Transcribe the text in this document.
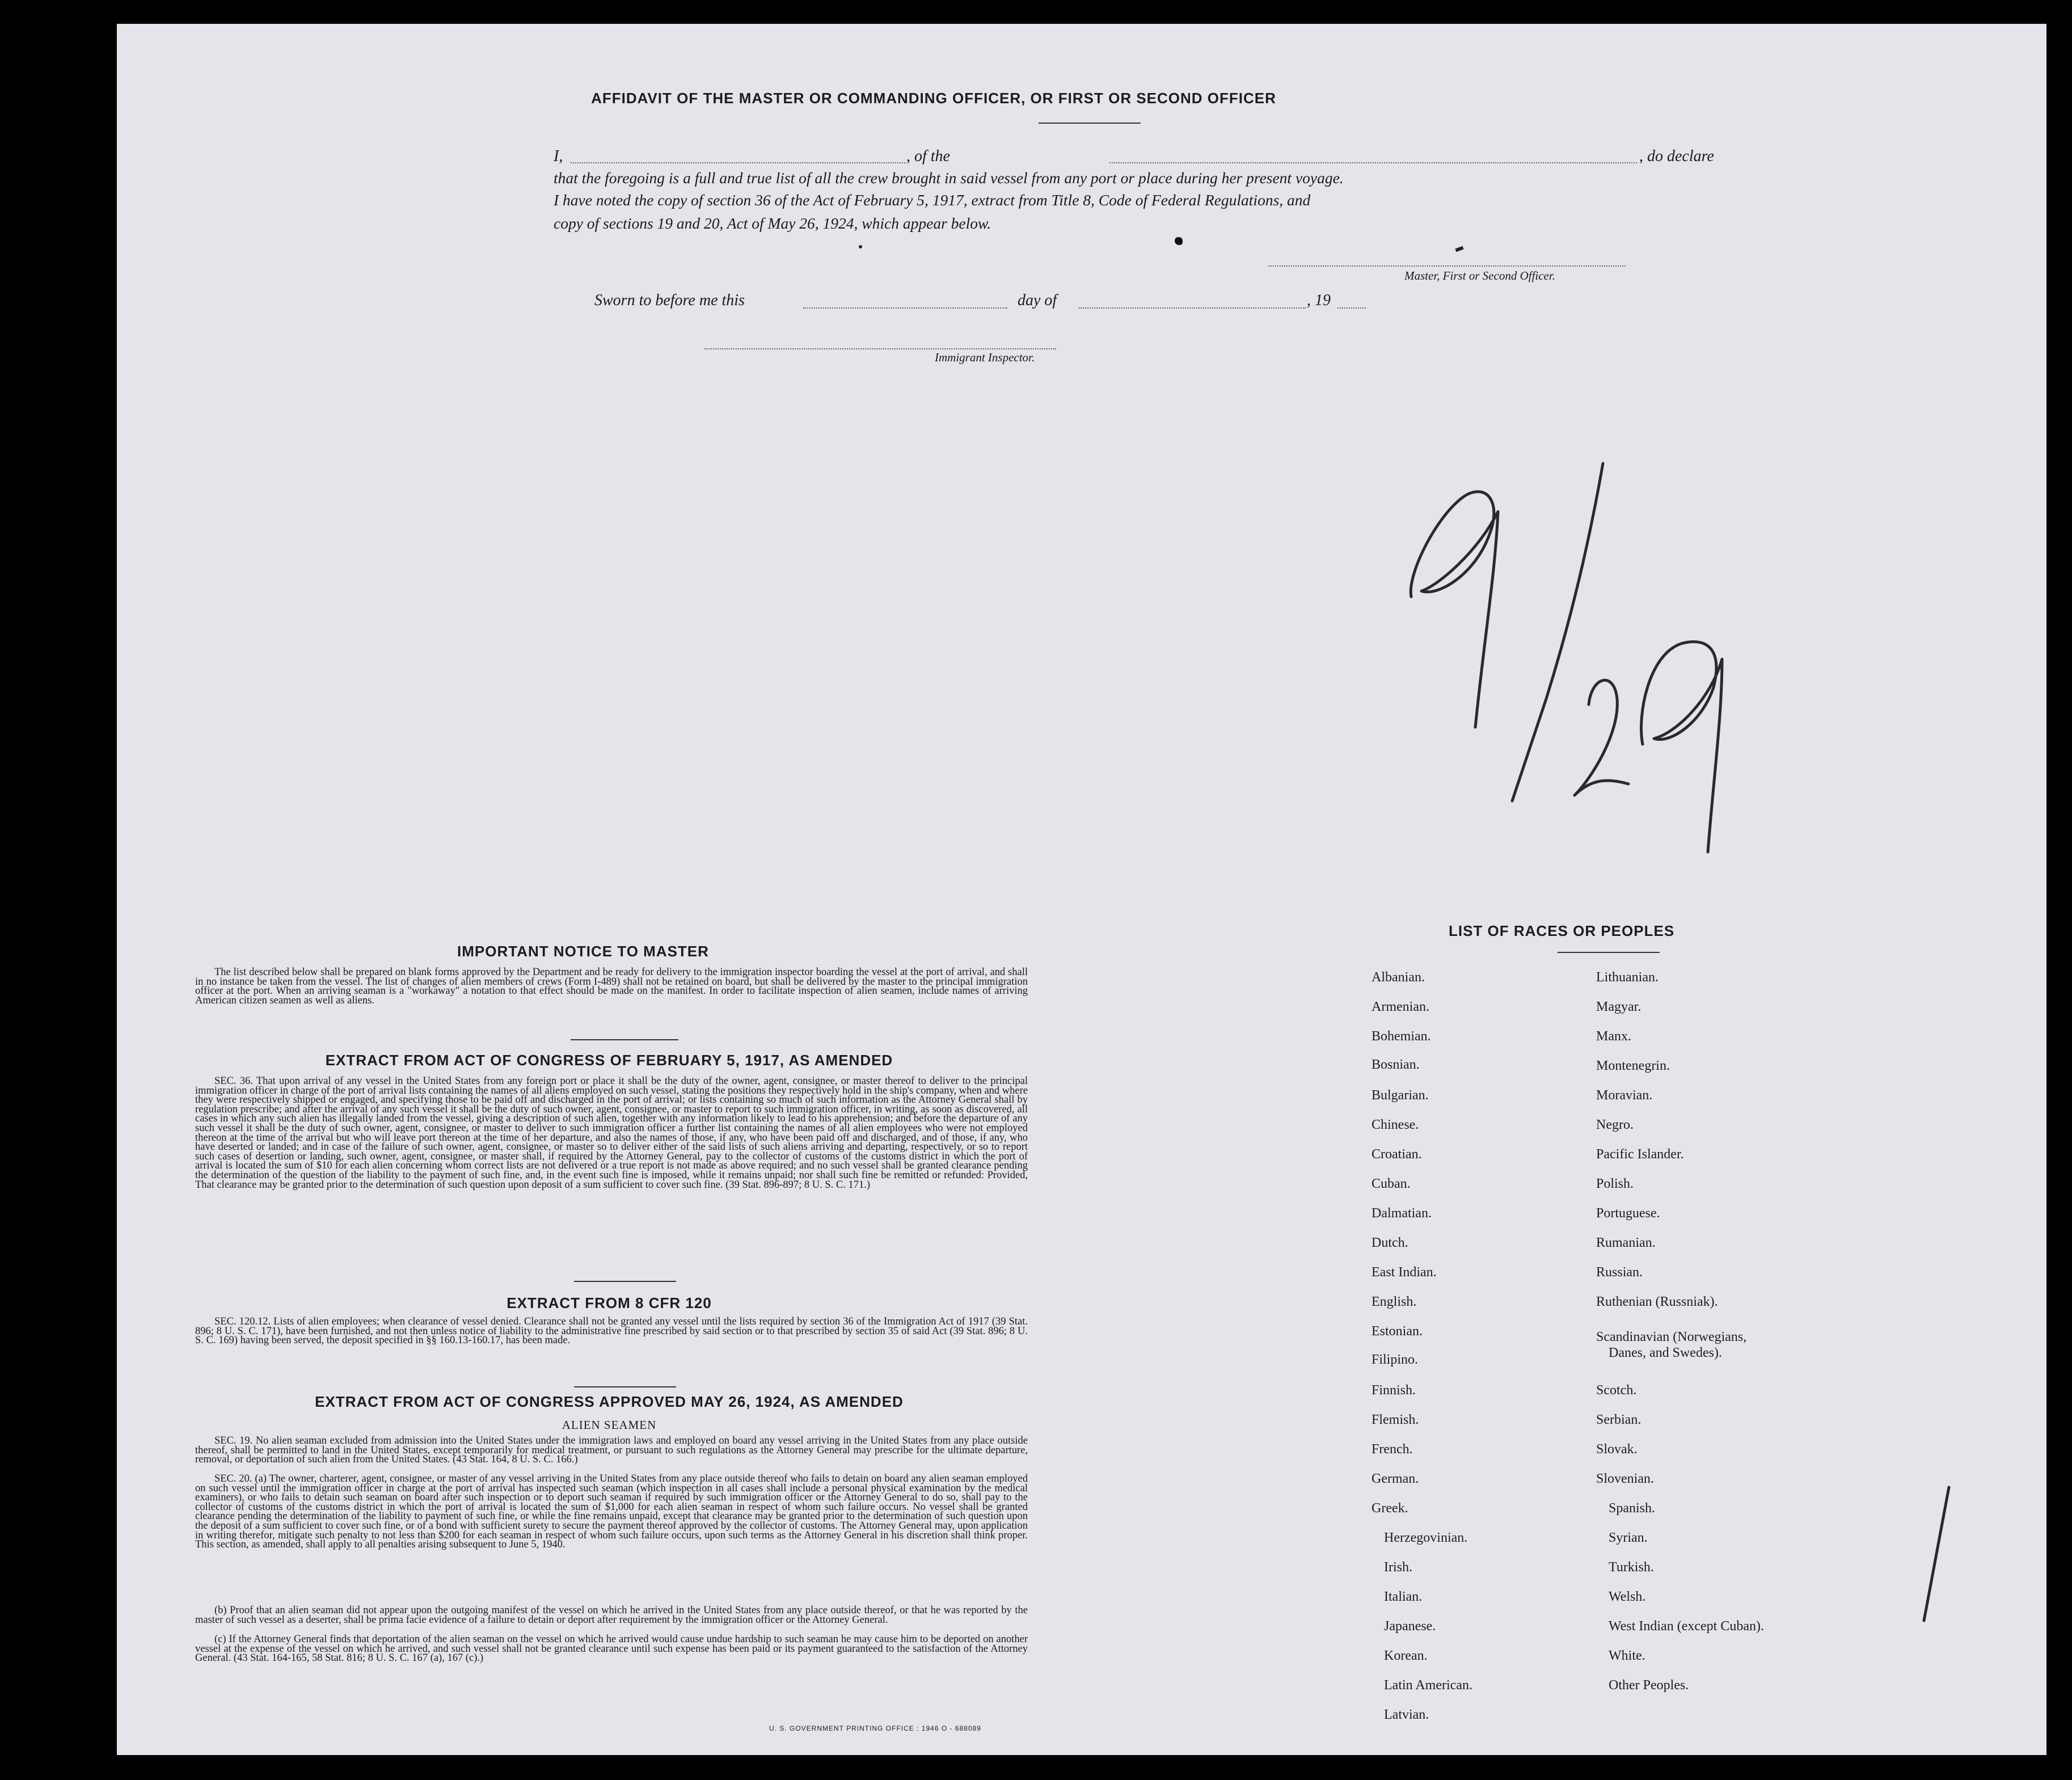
AFFIDAVIT OF THE MASTER OR COMMANDING OFFICER, OR FIRST OR SECOND OFFICER
I,	, of the	, do declare
that the foregoing is a full and true list of all the crew brought in said vessel from any port or place during her present voyage.
I have noted the copy of section 36 of the Act of February 5, 1917, extract from Title 8, Code of Federal Regulations, and
copy of sections 19 and 20, Act of May 26, 1924, which appear below.
Master, First or Second Officer.
Sworn to before me this	day of	, 19
Immigrant Inspector.
IMPORTANT NOTICE TO MASTER
The list described below shall be prepared on blank forms approved by the Department and be ready for delivery to the immigration inspector boarding the vessel at the port of arrival, and shall in no instance be taken from the vessel. The list of changes of alien members of crews (Form I-489) shall not be retained on board, but shall be delivered by the master to the principal immigration officer at the port. When an arriving seaman is a "workaway" a notation to that effect should be made on the manifest. In order to facilitate inspection of alien seamen, include names of arriving American citizen seamen as well as aliens.
EXTRACT FROM ACT OF CONGRESS OF FEBRUARY 5, 1917, AS AMENDED
SEC. 36. That upon arrival of any vessel in the United States from any foreign port or place it shall be the duty of the owner, agent, consignee, or master thereof to deliver to the principal immigration officer in charge of the port of arrival lists containing the names of all aliens employed on such vessel, stating the positions they respectively hold in the ship's company, when and where they were respectively shipped or engaged, and specifying those to be paid off and discharged in the port of arrival; or lists containing so much of such information as the Attorney General shall by regulation prescribe; and after the arrival of any such vessel it shall be the duty of such owner, agent, consignee, or master to report to such immigration officer, in writing, as soon as discovered, all cases in which any such alien has illegally landed from the vessel, giving a description of such alien, together with any information likely to lead to his apprehension; and before the departure of any such vessel it shall be the duty of such owner, agent, consignee, or master to deliver to such immigration officer a further list containing the names of all alien employees who were not employed thereon at the time of the arrival but who will leave port thereon at the time of her departure, and also the names of those, if any, who have been paid off and discharged, and of those, if any, who have deserted or landed; and in case of the failure of such owner, agent, consignee, or master so to deliver either of the said lists of such aliens arriving and departing, respectively, or so to report such cases of desertion or landing, such owner, agent, consignee, or master shall, if required by the Attorney General, pay to the collector of customs of the customs district in which the port of arrival is located the sum of $10 for each alien concerning whom correct lists are not delivered or a true report is not made as above required; and no such vessel shall be granted clearance pending the determination of the question of the liability to the payment of such fine, and, in the event such fine is imposed, while it remains unpaid; nor shall such fine be remitted or refunded: Provided, That clearance may be granted prior to the determination of such question upon deposit of a sum sufficient to cover such fine. (39 Stat. 896-897; 8 U. S. C. 171.)
EXTRACT FROM 8 CFR 120
SEC. 120.12. Lists of alien employees; when clearance of vessel denied. Clearance shall not be granted any vessel until the lists required by section 36 of the Immigration Act of 1917 (39 Stat. 896; 8 U. S. C. 171), have been furnished, and not then unless notice of liability to the administrative fine prescribed by said section or to that prescribed by section 35 of said Act (39 Stat. 896; 8 U. S. C. 169) having been served, the deposit specified in §§ 160.13-160.17, has been made.
EXTRACT FROM ACT OF CONGRESS APPROVED MAY 26, 1924, AS AMENDED
ALIEN SEAMEN
SEC. 19. No alien seaman excluded from admission into the United States under the immigration laws and employed on board any vessel arriving in the United States from any place outside thereof, shall be permitted to land in the United States, except temporarily for medical treatment, or pursuant to such regulations as the Attorney General may prescribe for the ultimate departure, removal, or deportation of such alien from the United States. (43 Stat. 164, 8 U. S. C. 166.)
SEC. 20. (a) The owner, charterer, agent, consignee, or master of any vessel arriving in the United States from any place outside thereof who fails to detain on board any alien seaman employed on such vessel until the immigration officer in charge at the port of arrival has inspected such seaman (which inspection in all cases shall include a personal physical examination by the medical examiners), or who fails to detain such seaman on board after such inspection or to deport such seaman if required by such immigration officer or the Attorney General to do so, shall pay to the collector of customs of the customs district in which the port of arrival is located the sum of $1,000 for each alien seaman in respect of whom such failure occurs. No vessel shall be granted clearance pending the determination of the liability to payment of such fine, or while the fine remains unpaid, except that clearance may be granted prior to the determination of such question upon the deposit of a sum sufficient to cover such fine, or of a bond with sufficient surety to secure the payment thereof approved by the collector of customs. The Attorney General may, upon application in writing therefor, mitigate such penalty to not less than $200 for each seaman in respect of whom such failure occurs, upon such terms as the Attorney General in his discretion shall think proper. This section, as amended, shall apply to all penalties arising subsequent to June 5, 1940.
(b) Proof that an alien seaman did not appear upon the outgoing manifest of the vessel on which he arrived in the United States from any place outside thereof, or that he was reported by the master of such vessel as a deserter, shall be prima facie evidence of a failure to detain or deport after requirement by the immigration officer or the Attorney General.
(c) If the Attorney General finds that deportation of the alien seaman on the vessel on which he arrived would cause undue hardship to such seaman he may cause him to be deported on another vessel at the expense of the vessel on which he arrived, and such vessel shall not be granted clearance until such expense has been paid or its payment guaranteed to the satisfaction of the Attorney General. (43 Stat. 164-165, 58 Stat. 816; 8 U. S. C. 167 (a), 167 (c).)
U. S. GOVERNMENT PRINTING OFFICE : 1946 O - 688089
LIST OF RACES OR PEOPLES
Albanian.
Armenian.
Bohemian.
Bosnian.
Bulgarian.
Chinese.
Croatian.
Cuban.
Dalmatian.
Dutch.
East Indian.
English.
Estonian.
Filipino.
Finnish.
Flemish.
French.
German.
Greek.
Herzegovinian.
Irish.
Italian.
Japanese.
Korean.
Latin American.
Latvian.
Lithuanian.
Magyar.
Manx.
Montenegrin.
Moravian.
Negro.
Pacific Islander.
Polish.
Portuguese.
Rumanian.
Russian.
Ruthenian (Russniak).
Scandinavian (Norwegians,
Danes, and Swedes).
Scotch.
Serbian.
Slovak.
Slovenian.
Spanish.
Syrian.
Turkish.
Welsh.
West Indian (except Cuban).
White.
Other Peoples.
